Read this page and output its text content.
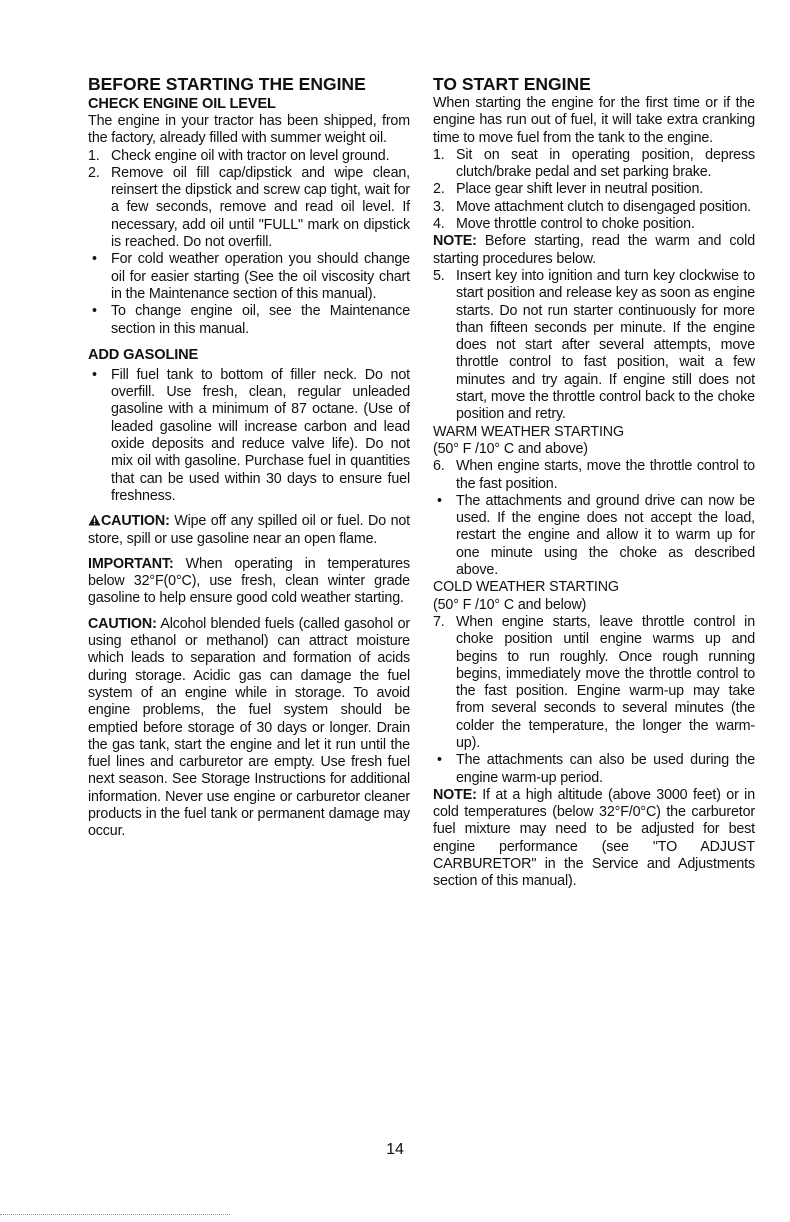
BEFORE STARTING THE ENGINE
CHECK ENGINE OIL LEVEL

The engine in your tractor has been shipped, from the factory, already filled with summer weight oil.

1. Check engine oil with tractor on level ground.
2. Remove oil fill cap/dipstick and wipe clean, reinsert the dipstick and screw cap tight, wait for a few seconds, remove and read oil level. If necessary, add oil until "FULL" mark on dipstick is reached. Do not overfill.
• For cold weather operation you should change oil for easier starting (See the oil viscosity chart in the Maintenance section of this manual).
• To change engine oil, see the Maintenance section in this manual.
ADD GASOLINE
• Fill fuel tank to bottom of filler neck. Do not overfill. Use fresh, clean, regular unleaded gasoline with a minimum of 87 octane. (Use of leaded gasoline will increase carbon and lead oxide deposits and reduce valve life). Do not mix oil with gasoline. Purchase fuel in quantities that can be used within 30 days to ensure fuel freshness.

CAUTION: Wipe off any spilled oil or fuel. Do not store, spill or use gasoline near an open flame.

IMPORTANT: When operating in temperatures below 32°F(0°C), use fresh, clean winter grade gasoline to help ensure good cold weather starting.

CAUTION: Alcohol blended fuels (called gasohol or using ethanol or methanol) can attract moisture which leads to separation and formation of acids during storage. Acidic gas can damage the fuel system of an engine while in storage. To avoid engine problems, the fuel system should be emptied before storage of 30 days or longer. Drain the gas tank, start the engine and let it run until the fuel lines and carburetor are empty. Use fresh fuel next season. See Storage Instructions for additional information. Never use engine or carburetor cleaner products in the fuel tank or permanent damage may occur.

TO START ENGINE

When starting the engine for the first time or if the engine has run out of fuel, it will take extra cranking time to move fuel from the tank to the engine.

1. Sit on seat in operating position, depress clutch/brake pedal and set parking brake.
2. Place gear shift lever in neutral position.
3. Move attachment clutch to disengaged position.
4. Move throttle control to choke position.

NOTE: Before starting, read the warm and cold starting procedures below.

5. Insert key into ignition and turn key clockwise to start position and release key as soon as engine starts. Do not run starter continuously for more than fifteen seconds per minute. If the engine does not start after several attempts, move throttle control to fast position, wait a few minutes and try again. If engine still does not start, move the throttle control back to the choke position and retry.

WARM WEATHER STARTING

(50° F /10° C and above)

6. When engine starts, move the throttle control to the fast position.
• The attachments and ground drive can now be used. If the engine does not accept the load, restart the engine and allow it to warm up for one minute using the choke as described above.

COLD WEATHER STARTING

(50° F /10° C and below)

7. When engine starts, leave throttle control in choke position until engine warms up and begins to run roughly. Once rough running begins, immediately move the throttle control to the fast position. Engine warm-up may take from several seconds to several minutes (the colder the temperature, the longer the warm-up).
• The attachments can also be used during the engine warm-up period.

NOTE: If at a high altitude (above 3000 feet) or in cold temperatures (below 32°F/0°C) the carburetor fuel mixture may need to be adjusted for best engine performance (see "TO ADJUST CARBURETOR" in the Service and Adjustments section of this manual).

14
